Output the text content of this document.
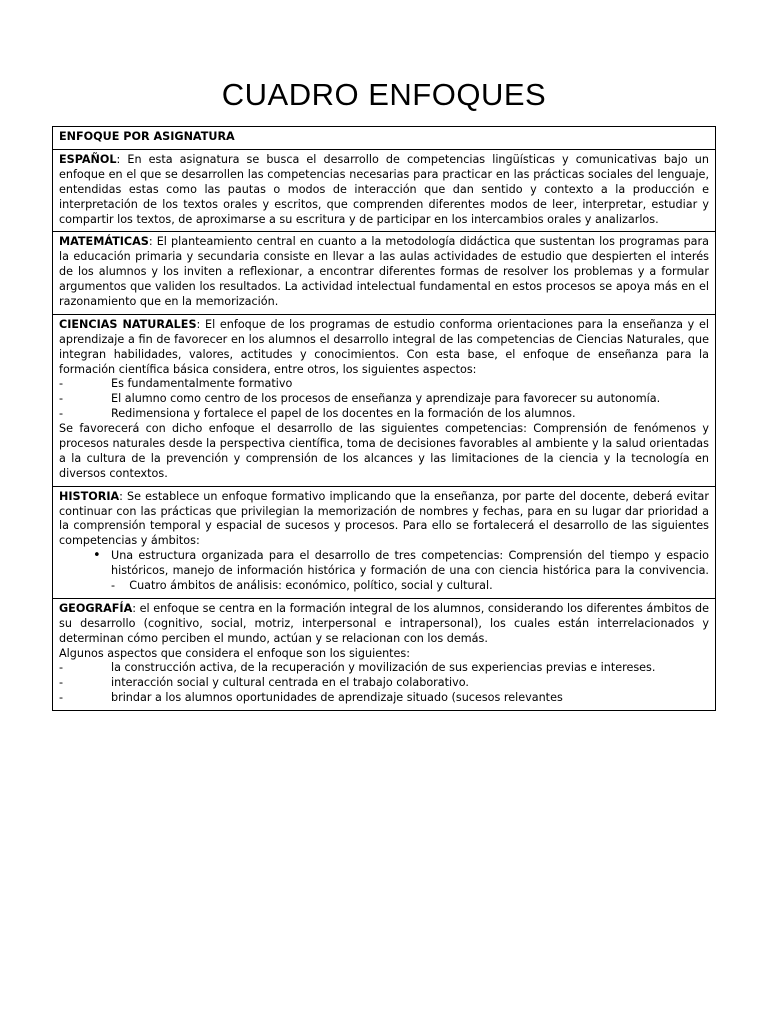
CUADRO ENFOQUES
ENFOQUE POR ASIGNATURA

ESPAÑOL: En esta asignatura se busca el desarrollo de competencias lingüísticas y comunicativas bajo un enfoque en el que se desarrollen las competencias necesarias para practicar en las prácticas sociales del lenguaje, entendidas estas como las pautas o modos de interacción que dan sentido y contexto a la producción e interpretación de los textos orales y escritos, que comprenden diferentes modos de leer, interpretar, estudiar y compartir los textos, de aproximarse a su escritura y de participar en los intercambios orales y analizarlos.

MATEMÁTICAS: El planteamiento central en cuanto a la metodología didáctica que sustentan los programas para la educación primaria y secundaria consiste en llevar a las aulas actividades de estudio que despierten el interés de los alumnos y los inviten a reflexionar, a encontrar diferentes formas de resolver los problemas y a formular argumentos que validen los resultados. La actividad intelectual fundamental en estos procesos se apoya más en el razonamiento que en la memorización.

CIENCIAS NATURALES: El enfoque de los programas de estudio conforma orientaciones para la enseñanza y el aprendizaje a fin de favorecer en los alumnos el desarrollo integral de las competencias de Ciencias Naturales, que integran habilidades, valores, actitudes y conocimientos. Con esta base, el enfoque de enseñanza para la formación científica básica considera, entre otros, los siguientes aspectos:

-	Es fundamentalmente formativo
-	El alumno como centro de los procesos de enseñanza y aprendizaje para favorecer su autonomía.
-	Redimensiona y fortalece el papel de los docentes en la formación de los alumnos.

Se favorecerá con dicho enfoque el desarrollo de las siguientes competencias: Comprensión de fenómenos y procesos naturales desde la perspectiva científica, toma de decisiones favorables al ambiente y la salud orientadas a la cultura de la prevención y comprensión de los alcances y las limitaciones de la ciencia y la tecnología en diversos contextos.

HISTORIA: Se establece un enfoque formativo implicando que la enseñanza, por parte del docente, deberá evitar continuar con las prácticas que privilegian la memorización de nombres y fechas, para en su lugar dar prioridad a la comprensión temporal y espacial de sucesos y procesos. Para ello se fortalecerá el desarrollo de las siguientes competencias y ámbitos:

• Una estructura organizada para el desarrollo de tres competencias: Comprensión del tiempo y espacio históricos, manejo de información histórica y formación de una con ciencia histórica para la convivencia.
- Cuatro ámbitos de análisis: económico, político, social y cultural.

GEOGRAFÍA: el enfoque se centra en la formación integral de los alumnos, considerando los diferentes ámbitos de su desarrollo (cognitivo, social, motriz, interpersonal e intrapersonal), los cuales están interrelacionados y determinan cómo perciben el mundo, actúan y se relacionan con los demás.

Algunos aspectos que considera el enfoque son los siguientes:

-	la construcción activa, de la recuperación y movilización de sus experiencias previas e intereses.
-	interacción social y cultural centrada en el trabajo colaborativo.
-	brindar a los alumnos oportunidades de aprendizaje situado (sucesos relevantes
